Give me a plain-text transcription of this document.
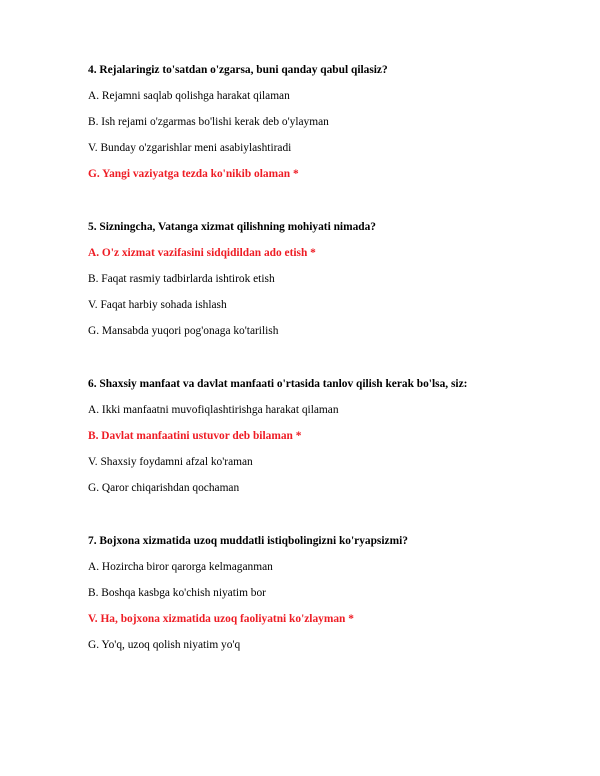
4. Rejalaringiz to'satdan o'zgarsa, buni qanday qabul qilasiz?
A. Rejamni saqlab qolishga harakat qilaman
B. Ish rejami o'zgarmas bo'lishi kerak deb o'ylayman
V. Bunday o'zgarishlar meni asabiylashtiradi
G. Yangi vaziyatga tezda ko'nikib olaman *
5. Sizningcha, Vatanga xizmat qilishning mohiyati nimada?
A. O'z xizmat vazifasini sidqidildan ado etish *
B. Faqat rasmiy tadbirlarda ishtirok etish
V. Faqat harbiy sohada ishlash
G. Mansabda yuqori pog'onaga ko'tarilish
6. Shaxsiy manfaat va davlat manfaati o'rtasida tanlov qilish kerak bo'lsa, siz:
A. Ikki manfaatni muvofiqlashtirishga harakat qilaman
B. Davlat manfaatini ustuvor deb bilaman *
V. Shaxsiy foydamni afzal ko'raman
G. Qaror chiqarishdan qochaman
7. Bojxona xizmatida uzoq muddatli istiqbolingizni ko'ryapsizmi?
A. Hozircha biror qarorga kelmaganman
B. Boshqa kasbga ko'chish niyatim bor
V. Ha, bojxona xizmatida uzoq faoliyatni ko'zlayman *
G. Yo'q, uzoq qolish niyatim yo'q
